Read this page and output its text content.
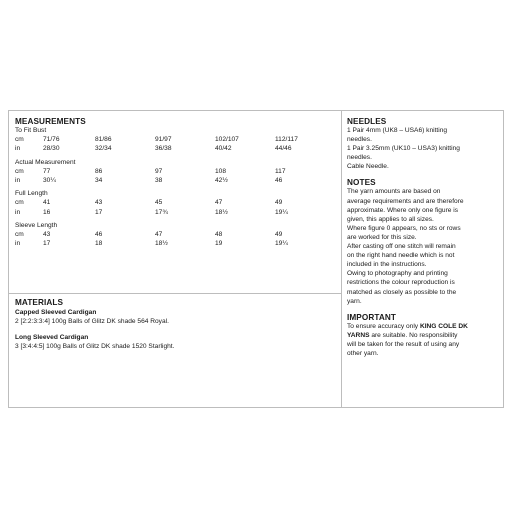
MEASUREMENTS
To Fit Bust
cm	71/76	81/86	91/97	102/107	112/117
in	28/30	32/34	36/38	40/42	44/46
Actual Measurement
cm	77	86	97	108	117
in	30¼	34	38	42½	46
Full Length
cm	41	43	45	47	49
in	16	17	17¾	18½	19¼
Sleeve Length
cm	43	46	47	48	49
in	17	18	18½	19	19¼
MATERIALS
Capped Sleeved Cardigan
2 [2:2:3:3:4] 100g Balls of Glitz DK shade 564 Royal.
Long Sleeved Cardigan
3 [3:4:4:5] 100g Balls of Glitz DK shade 1520 Starlight.
NEEDLES
1 Pair 4mm (UK8 – USA6) knitting
needles.
1 Pair 3.25mm (UK10 – USA3) knitting
needles.
Cable Needle.
NOTES
The yarn amounts are based on
average requirements and are therefore
approximate. Where only one figure is
given, this applies to all sizes.
Where figure 0 appears, no sts or rows
are worked for this size.
After casting off one stitch will remain
on the right hand needle which is not
included in the instructions.
Owing to photography and printing
restrictions the colour reproduction is
matched as closely as possible to the
yarn.
IMPORTANT
To ensure accuracy only KING COLE DK
YARNS are suitable. No responsibility
will be taken for the result of using any
other yarn.
